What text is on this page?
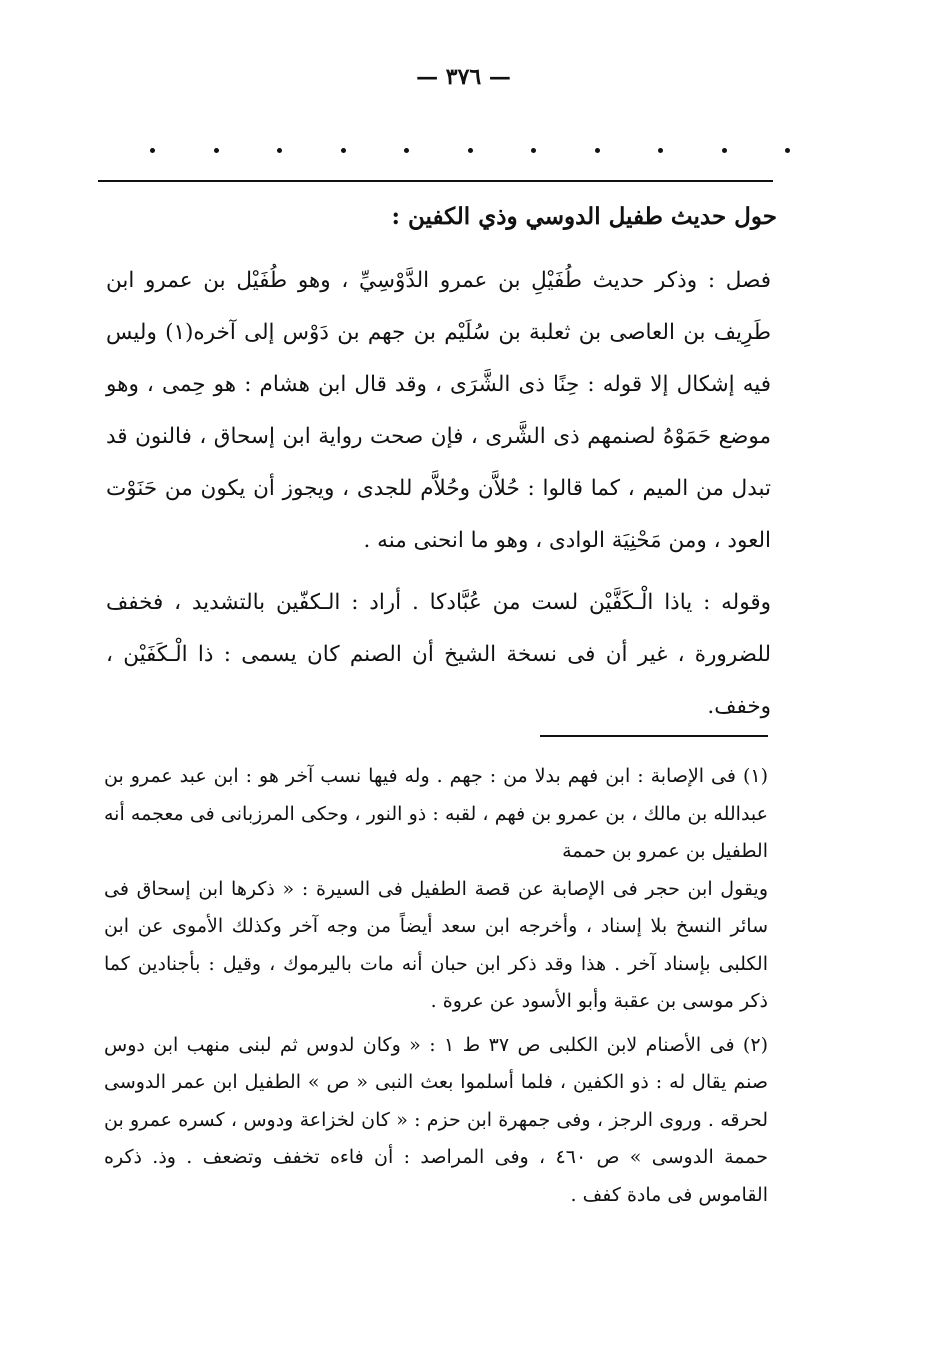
— ٣٧٦ —
حول حديث طفيل الدوسي وذي الكفين :

فصل : وذكر حديث طُفَيْلِ بن عمرو الدَّوْسِيِّ ، وهو طُفَيْل بن عمرو ابن طَرِيف بن العاصى بن ثعلبة بن سُلَيْم بن جهم بن دَوْس إلى آخره(١) وليس فيه إشكال إلا قوله : حِنًا ذى الشَّرَى ، وقد قال ابن هشام : هو حِمى ، وهو موضع حَمَوْهُ لصنمهم ذى الشَّرى ، فإن صحت رواية ابن إسحاق ، فالنون قد تبدل من الميم ، كما قالوا : حُلاَّن وحُلاَّم للجدى ، ويجوز أن يكون من حَنَوْت العود ، ومن مَحْنِيَة الوادى ، وهو ما انحنى منه .

وقوله : ياذا الْـكَفَّيْن لست من عُبَّادكا . أراد : الـكفّين بالتشديد ، فخفف للضرورة ، غير أن فى نسخة الشيخ أن الصنم كان يسمى : ذا الْـكَفَيْن ، وخفف.

(١) فى الإصابة : ابن فهم بدلا من : جهم . وله فيها نسب آخر هو : ابن عبد عمرو بن عبدالله بن مالك ، بن عمرو بن فهم ، لقبه : ذو النور ، وحكى المرزبانى فى معجمه أنه الطفيل بن عمرو بن حممة

ويقول ابن حجر فى الإصابة عن قصة الطفيل فى السيرة : « ذكرها ابن إسحاق فى سائر النسخ بلا إسناد ، وأخرجه ابن سعد أيضاً من وجه آخر وكذلك الأموى عن ابن الكلبى بإسناد آخر . هذا وقد ذكر ابن حبان أنه مات باليرموك ، وقيل : بأجنادين كما ذكر موسى بن عقبة وأبو الأسود عن عروة .

(٢) فى الأصنام لابن الكلبى ص ٣٧ ط ١ : « وكان لدوس ثم لبنى منهب ابن دوس صنم يقال له : ذو الكفين ، فلما أسلموا بعث النبى « ص » الطفيل ابن عمر الدوسى لحرقه . وروى الرجز ، وفى جمهرة ابن حزم : « كان لخزاعة ودوس ، كسره عمرو بن حممة الدوسى » ص ٤٦٠ ، وفى المراصد : أن فاءه تخفف وتضعف . وذ. ذكره القاموس فى مادة كفف .
